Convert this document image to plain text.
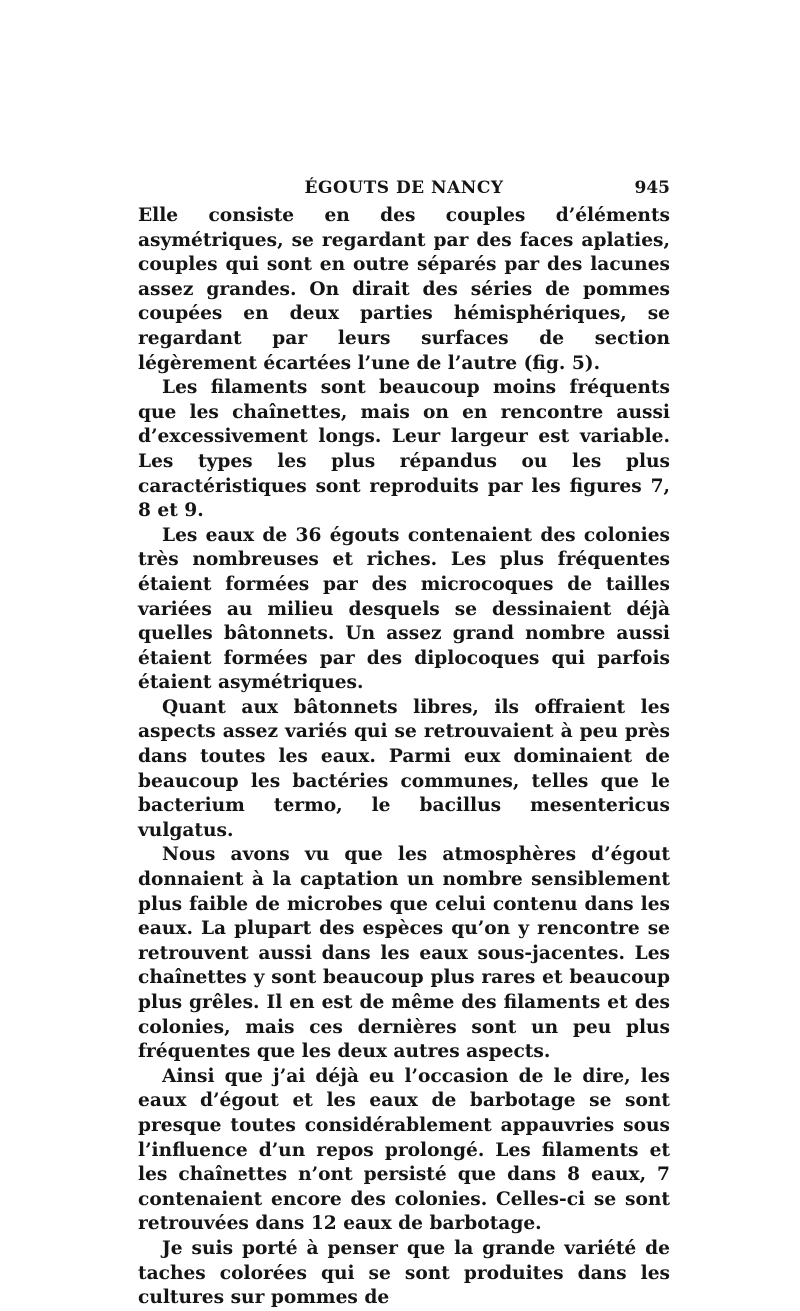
ÉGOUTS DE NANCY	945

Elle consiste en des couples d’éléments asymétriques, se regardant par des faces aplaties, couples qui sont en outre séparés par des lacunes assez grandes. On dirait des séries de pommes coupées en deux parties hémisphériques, se regardant par leurs surfaces de section légèrement écartées l’une de l’autre (fig. 5).

Les filaments sont beaucoup moins fréquents que les chaînettes, mais on en rencontre aussi d’excessivement longs. Leur largeur est variable. Les types les plus répandus ou les plus caractéristiques sont reproduits par les figures 7, 8 et 9.

Les eaux de 36 égouts contenaient des colonies très nombreuses et riches. Les plus fréquentes étaient formées par des microcoques de tailles variées au milieu desquels se dessinaient déjà quelles bâtonnets. Un assez grand nombre aussi étaient formées par des diplocoques qui parfois étaient asymétriques.

Quant aux bâtonnets libres, ils offraient les aspects assez variés qui se retrouvaient à peu près dans toutes les eaux. Parmi eux dominaient de beaucoup les bactéries communes, telles que le bacterium termo, le bacillus mesentericus vulgatus.

Nous avons vu que les atmosphères d’égout donnaient à la captation un nombre sensiblement plus faible de microbes que celui contenu dans les eaux. La plupart des espèces qu’on y rencontre se retrouvent aussi dans les eaux sous-jacentes. Les chaînettes y sont beaucoup plus rares et beaucoup plus grêles. Il en est de même des filaments et des colonies, mais ces dernières sont un peu plus fréquentes que les deux autres aspects.

Ainsi que j’ai déjà eu l’occasion de le dire, les eaux d’égout et les eaux de barbotage se sont presque toutes considérablement appauvries sous l’influence d’un repos prolongé. Les filaments et les chaînettes n’ont persisté que dans 8 eaux, 7 contenaient encore des colonies. Celles-ci se sont retrouvées dans 12 eaux de barbotage.

Je suis porté à penser que la grande variété de taches colorées qui se sont produites dans les cultures sur pommes de
